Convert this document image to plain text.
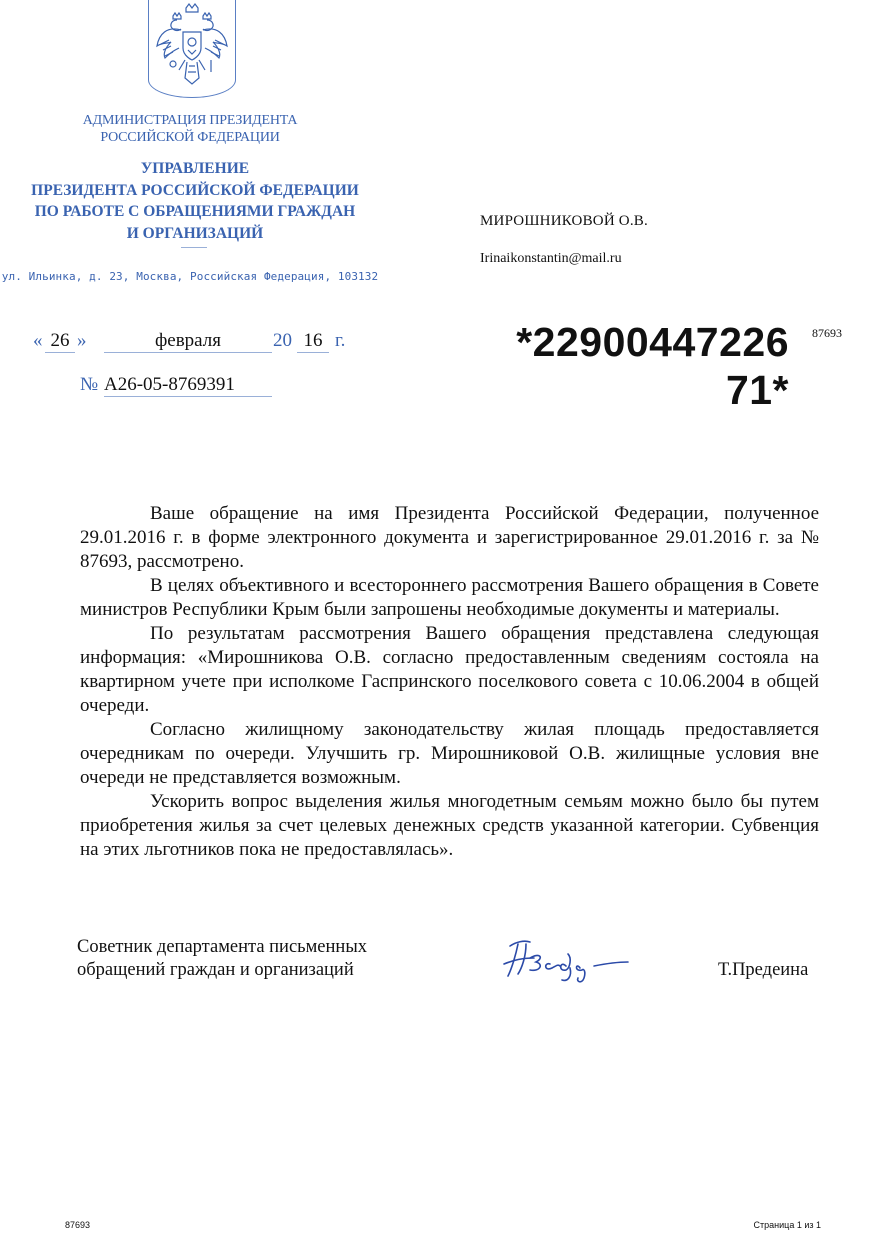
АДМИНИСТРАЦИЯ ПРЕЗИДЕНТА
РОССИЙСКОЙ ФЕДЕРАЦИИ
УПРАВЛЕНИЕ
ПРЕЗИДЕНТА РОССИЙСКОЙ ФЕДЕРАЦИИ
ПО РАБОТЕ С ОБРАЩЕНИЯМИ ГРАЖДАН
И ОРГАНИЗАЦИЙ
ул. Ильинка, д. 23, Москва, Российская Федерация, 103132
« 26 »	февраля	20 16 г.
№ А26-05-8769391
МИРОШНИКОВОЙ О.В.
Irinaikonstantin@mail.ru
*22900447226
71*
87693

Ваше обращение на имя Президента Российской Федерации, полученное 29.01.2016 г. в форме электронного документа и зарегистрированное 29.01.2016 г. за № 87693, рассмотрено.

В целях объективного и всестороннего рассмотрения Вашего обращения в Совете министров Республики Крым были запрошены необходимые документы и материалы.

По результатам рассмотрения Вашего обращения представлена следующая информация: «Мирошникова О.В. согласно предоставленным сведениям состояла на квартирном учете при исполкоме Гаспринского поселкового совета с 10.06.2004 в общей очереди.

Согласно жилищному законодательству жилая площадь предоставляется очередникам по очереди. Улучшить гр. Мирошниковой О.В. жилищные условия вне очереди не представляется возможным.

Ускорить вопрос выделения жилья многодетным семьям можно было бы путем приобретения жилья за счет целевых денежных средств указанной категории. Субвенция на этих льготников пока не предоставлялась».

Советник департамента письменных
обращений граждан и организаций	Т.Предеина
87693	Страница 1 из 1
